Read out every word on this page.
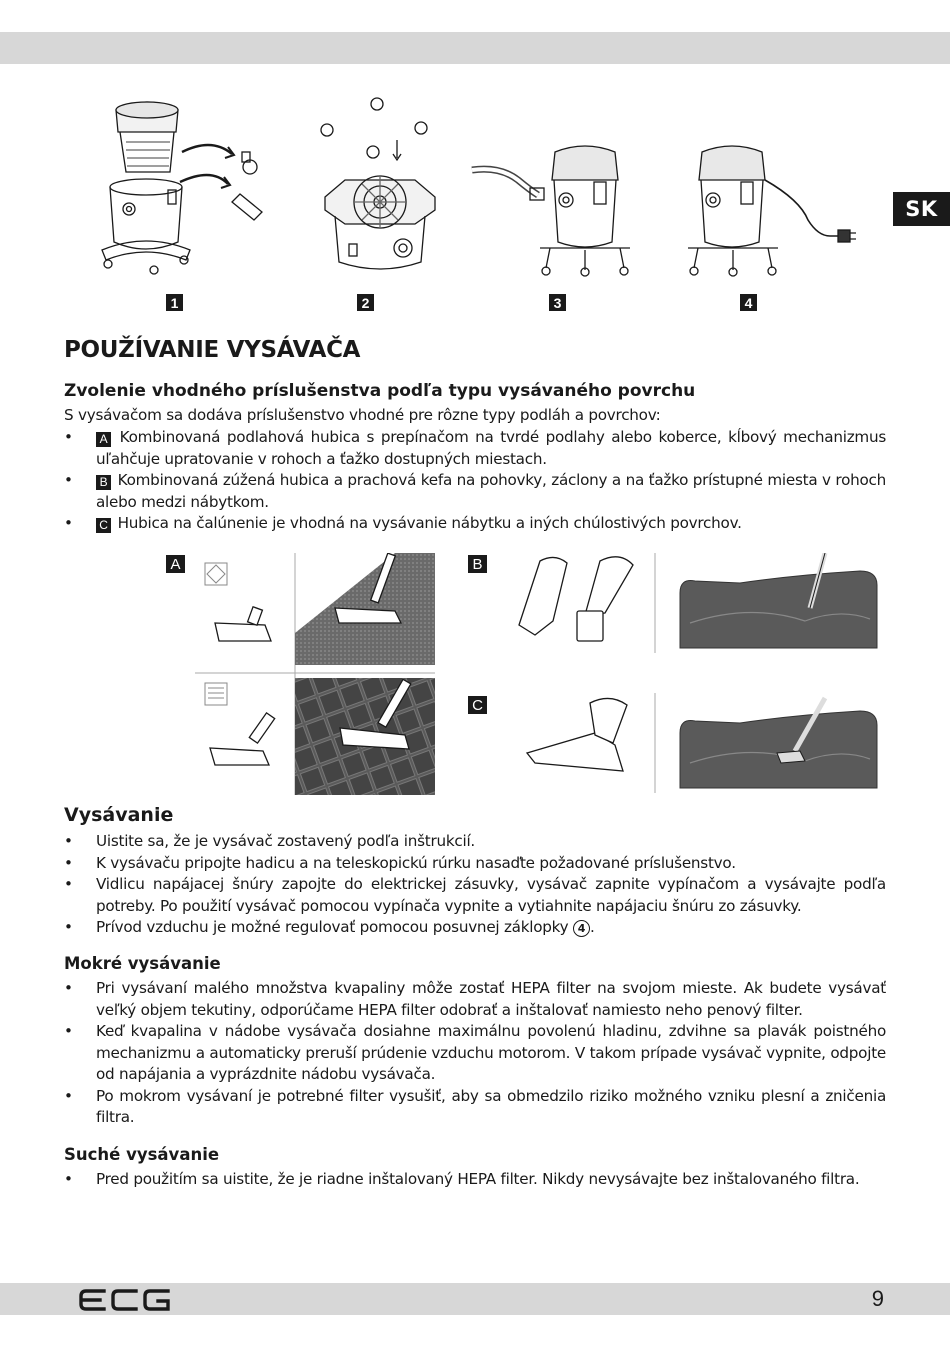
SK
1	2	3	4
POUŽÍVANIE VYSÁVAČA
Zvolenie vhodného príslušenstva podľa typu vysávaného povrchu

S vysávačom sa dodáva príslušenstvo vhodné pre rôzne typy podláh a povrchov:

• A Kombinovaná podlahová hubica s prepínačom na tvrdé podlahy alebo koberce, kĺbový mechanizmus uľahčuje upratovanie v rohoch a ťažko dostupných miestach.
• B Kombinovaná zúžená hubica a prachová kefa na pohovky, záclony a na ťažko prístupné miesta v rohoch alebo medzi nábytkom.
• C Hubica na čalúnenie je vhodná na vysávanie nábytku a iných chúlostivých povrchov.
A	B
C
Vysávanie
• Uistite sa, že je vysávač zostavený podľa inštrukcií.
• K vysávaču pripojte hadicu a na teleskopickú rúrku nasaďte požadované príslušenstvo.
• Vidlicu napájacej šnúry zapojte do elektrickej zásuvky, vysávač zapnite vypínačom a vysávajte podľa potreby. Po použití vysávač pomocou vypínača vypnite a vytiahnite napájaciu šnúru zo zásuvky.
• Prívod vzduchu je možné regulovať pomocou posuvnej záklopky 4 .
Mokré vysávanie
• Pri vysávaní malého množstva kvapaliny môže zostať HEPA filter na svojom mieste. Ak budete vysávať veľký objem tekutiny, odporúčame HEPA filter odobrať a inštalovať namiesto neho penový filter.
• Keď kvapalina v nádobe vysávača dosiahne maximálnu povolenú hladinu, zdvihne sa plavák poistného mechanizmu a automaticky preruší prúdenie vzduchu motorom. V takom prípade vysávač vypnite, odpojte od napájania a vyprázdnite nádobu vysávača.
• Po mokrom vysávaní je potrebné filter vysušiť, aby sa obmedzilo riziko možného vzniku plesní a zničenia filtra.
Suché vysávanie
• Pred použitím sa uistite, že je riadne inštalovaný HEPA filter. Nikdy nevysávajte bez inštalovaného filtra.
9
